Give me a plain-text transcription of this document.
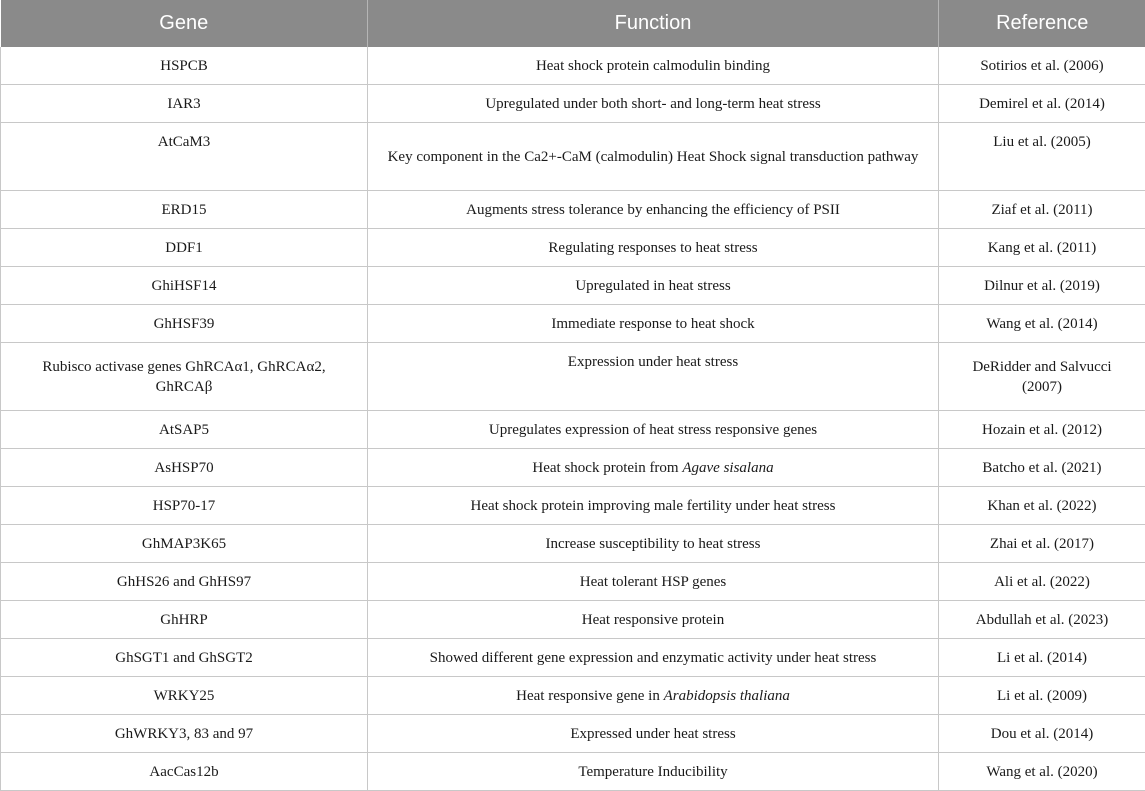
Gene	Function	Reference
HSPCB	Heat shock protein calmodulin binding	Sotirios et al. (2006)
IAR3	Upregulated under both short- and long-term heat stress	Demirel et al. (2014)
AtCaM3	Key component in the Ca2+-CaM (calmodulin) Heat Shock signal transduction pathway	Liu et al. (2005)
ERD15	Augments stress tolerance by enhancing the efficiency of PSII	Ziaf et al. (2011)
DDF1	Regulating responses to heat stress	Kang et al. (2011)
GhiHSF14	Upregulated in heat stress	Dilnur et al. (2019)
GhHSF39	Immediate response to heat shock	Wang et al. (2014)
Rubisco activase genes GhRCAα1, GhRCAα2, GhRCAβ	Expression under heat stress	DeRidder and Salvucci (2007)
AtSAP5	Upregulates expression of heat stress responsive genes	Hozain et al. (2012)
AsHSP70	Heat shock protein from Agave sisalana	Batcho et al. (2021)
HSP70-17	Heat shock protein improving male fertility under heat stress	Khan et al. (2022)
GhMAP3K65	Increase susceptibility to heat stress	Zhai et al. (2017)
GhHS26 and GhHS97	Heat tolerant HSP genes	Ali et al. (2022)
GhHRP	Heat responsive protein	Abdullah et al. (2023)
GhSGT1 and GhSGT2	Showed different gene expression and enzymatic activity under heat stress	Li et al. (2014)
WRKY25	Heat responsive gene in Arabidopsis thaliana	Li et al. (2009)
GhWRKY3, 83 and 97	Expressed under heat stress	Dou et al. (2014)
AacCas12b	Temperature Inducibility	Wang et al. (2020)
